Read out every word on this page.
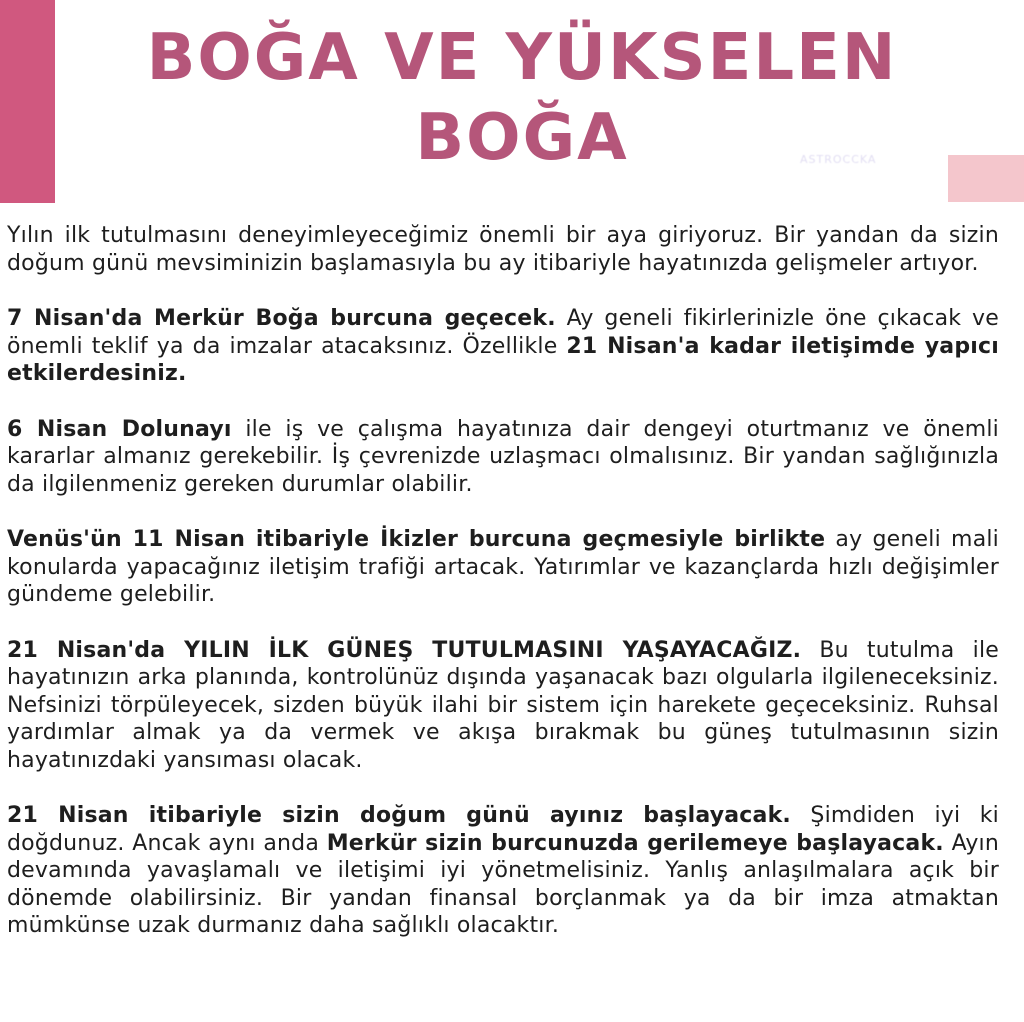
ASTROCCKA
BOĞA VE YÜKSELEN BOĞA

Yılın ilk tutulmasını deneyimleyeceğimiz önemli bir aya giriyoruz. Bir yandan da sizin doğum günü mevsiminizin başlamasıyla bu ay itibariyle hayatınızda gelişmeler artıyor.

7 Nisan'da Merkür Boğa burcuna geçecek. Ay geneli fikirlerinizle öne çıkacak ve önemli teklif ya da imzalar atacaksınız. Özellikle 21 Nisan'a kadar iletişimde yapıcı etkilerdesiniz.

6 Nisan Dolunayı ile iş ve çalışma hayatınıza dair dengeyi oturtmanız ve önemli kararlar almanız gerekebilir. İş çevrenizde uzlaşmacı olmalısınız. Bir yandan sağlığınızla da ilgilenmeniz gereken durumlar olabilir.

Venüs'ün 11 Nisan itibariyle İkizler burcuna geçmesiyle birlikte ay geneli mali konularda yapacağınız iletişim trafiği artacak. Yatırımlar ve kazançlarda hızlı değişimler gündeme gelebilir.

21 Nisan'da YILIN İLK GÜNEŞ TUTULMASINI YAŞAYACAĞIZ. Bu tutulma ile hayatınızın arka planında, kontrolünüz dışında yaşanacak bazı olgularla ilgileneceksiniz. Nefsinizi törpüleyecek, sizden büyük ilahi bir sistem için harekete geçeceksiniz. Ruhsal yardımlar almak ya da vermek ve akışa bırakmak bu güneş tutulmasının sizin hayatınızdaki yansıması olacak.

21 Nisan itibariyle sizin doğum günü ayınız başlayacak. Şimdiden iyi ki doğdunuz. Ancak aynı anda Merkür sizin burcunuzda gerilemeye başlayacak. Ayın devamında yavaşlamalı ve iletişimi iyi yönetmelisiniz. Yanlış anlaşılmalara açık bir dönemde olabilirsiniz. Bir yandan finansal borçlanmak ya da bir imza atmaktan mümkünse uzak durmanız daha sağlıklı olacaktır.
